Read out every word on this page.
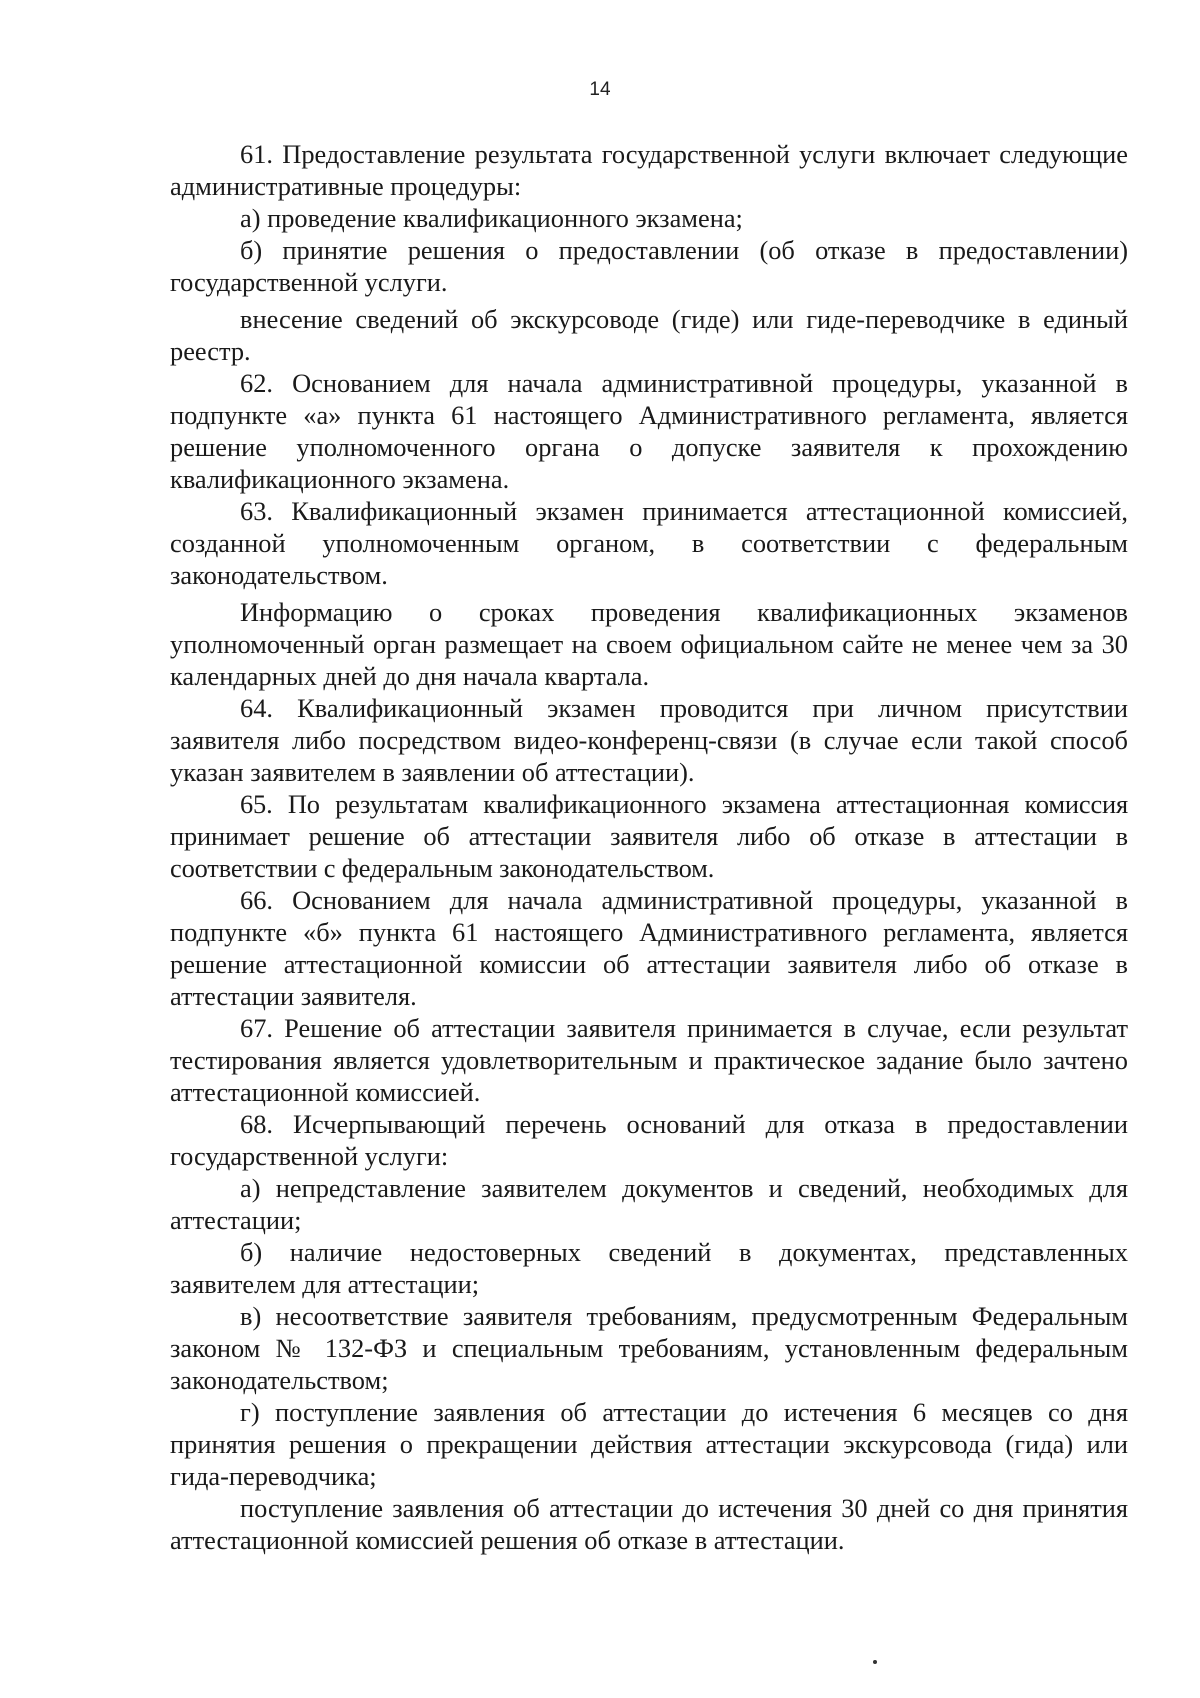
14

61. Предоставление результата государственной услуги включает следующие административные процедуры:

а) проведение квалификационного экзамена;

б) принятие решения о предоставлении (об отказе в предоставлении) государственной услуги.

внесение сведений об экскурсоводе (гиде) или гиде-переводчике в единый реестр.

62. Основанием для начала административной процедуры, указанной в подпункте «а» пункта 61 настоящего Административного регламента, является решение уполномоченного органа о допуске заявителя к прохождению квалификационного экзамена.

63. Квалификационный экзамен принимается аттестационной комиссией, созданной уполномоченным органом, в соответствии с федеральным законодательством.

Информацию о сроках проведения квалификационных экзаменов уполномоченный орган размещает на своем официальном сайте не менее чем за 30 календарных дней до дня начала квартала.

64. Квалификационный экзамен проводится при личном присутствии заявителя либо посредством видео-конференц-связи (в случае если такой способ указан заявителем в заявлении об аттестации).

65. По результатам квалификационного экзамена аттестационная комиссия принимает решение об аттестации заявителя либо об отказе в аттестации в соответствии с федеральным законодательством.

66. Основанием для начала административной процедуры, указанной в подпункте «б» пункта 61 настоящего Административного регламента, является решение аттестационной комиссии об аттестации заявителя либо об отказе в аттестации заявителя.

67. Решение об аттестации заявителя принимается в случае, если результат тестирования является удовлетворительным и практическое задание было зачтено аттестационной комиссией.

68. Исчерпывающий перечень оснований для отказа в предоставлении государственной услуги:

а) непредставление заявителем документов и сведений, необходимых для аттестации;

б) наличие недостоверных сведений в документах, представленных заявителем для аттестации;

в) несоответствие заявителя требованиям, предусмотренным Федеральным законом № 132-ФЗ и специальным требованиям, установленным федеральным законодательством;

г) поступление заявления об аттестации до истечения 6 месяцев со дня принятия решения о прекращении действия аттестации экскурсовода (гида) или гида-переводчика;

поступление заявления об аттестации до истечения 30 дней со дня принятия аттестационной комиссией решения об отказе в аттестации.
